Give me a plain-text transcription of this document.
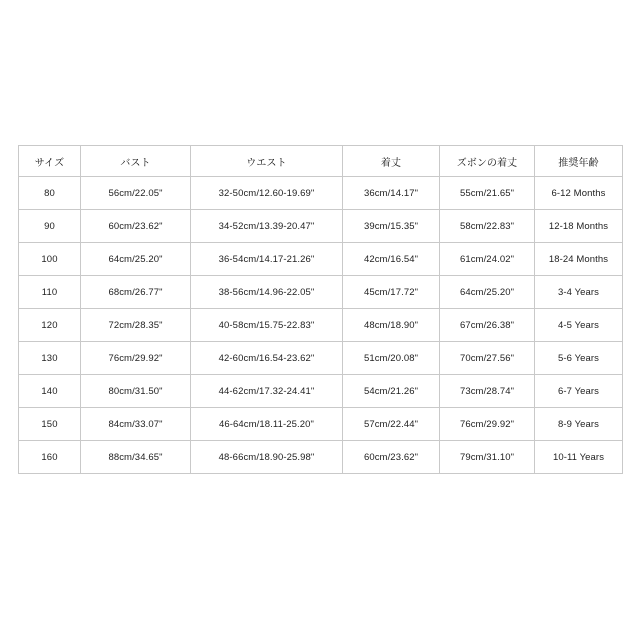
サイズ	バスト	ウエスト	着丈	ズボンの着丈	推奨年齢
80	56cm/22.05"	32-50cm/12.60-19.69"	36cm/14.17"	55cm/21.65"	6-12 Months
90	60cm/23.62"	34-52cm/13.39-20.47"	39cm/15.35"	58cm/22.83"	12-18 Months
100	64cm/25.20"	36-54cm/14.17-21.26"	42cm/16.54"	61cm/24.02"	18-24 Months
110	68cm/26.77"	38-56cm/14.96-22.05"	45cm/17.72"	64cm/25.20"	3-4 Years
120	72cm/28.35"	40-58cm/15.75-22.83"	48cm/18.90"	67cm/26.38"	4-5 Years
130	76cm/29.92"	42-60cm/16.54-23.62"	51cm/20.08"	70cm/27.56"	5-6 Years
140	80cm/31.50"	44-62cm/17.32-24.41"	54cm/21.26"	73cm/28.74"	6-7 Years
150	84cm/33.07"	46-64cm/18.11-25.20"	57cm/22.44"	76cm/29.92"	8-9 Years
160	88cm/34.65"	48-66cm/18.90-25.98"	60cm/23.62"	79cm/31.10"	10-11 Years
